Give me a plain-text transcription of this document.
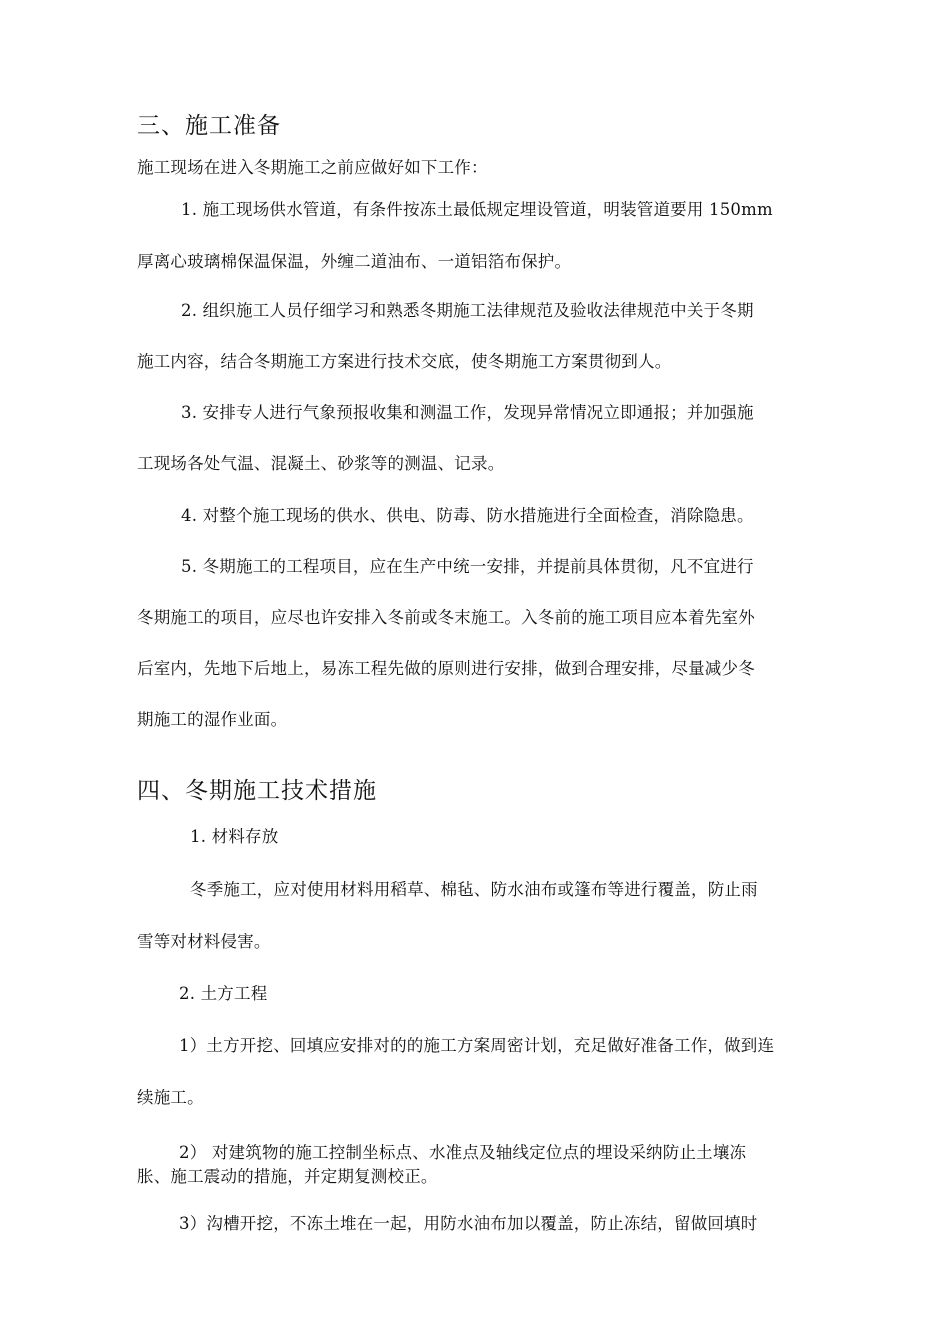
三、施工准备
施工现场在进入冬期施工之前应做好如下工作：
1. 施工现场供水管道，有条件按冻土最低规定埋设管道，明装管道要用 150mm
厚离心玻璃棉保温保温，外缠二道油布、一道铝箔布保护。
2. 组织施工人员仔细学习和熟悉冬期施工法律规范及验收法律规范中关于冬期
施工内容，结合冬期施工方案进行技术交底，使冬期施工方案贯彻到人。
3. 安排专人进行气象预报收集和测温工作，发现异常情况立即通报；并加强施
工现场各处气温、混凝土、砂浆等的测温、记录。
4. 对整个施工现场的供水、供电、防毒、防水措施进行全面检查，消除隐患。
5. 冬期施工的工程项目，应在生产中统一安排，并提前具体贯彻，凡不宜进行
冬期施工的项目，应尽也许安排入冬前或冬末施工。入冬前的施工项目应本着先室外
后室内，先地下后地上，易冻工程先做的原则进行安排，做到合理安排，尽量减少冬
期施工的湿作业面。
四、冬期施工技术措施
1. 材料存放
冬季施工，应对使用材料用稻草、棉毡、防水油布或篷布等进行覆盖，防止雨
雪等对材料侵害。
2. 土方工程
1）土方开挖、回填应安排对的的施工方案周密计划，充足做好准备工作，做到连
续施工。
2） 对建筑物的施工控制坐标点、水准点及轴线定位点的埋设采纳防止土壤冻
胀、施工震动的措施，并定期复测校正。
3）沟槽开挖，不冻土堆在一起，用防水油布加以覆盖，防止冻结，留做回填时
